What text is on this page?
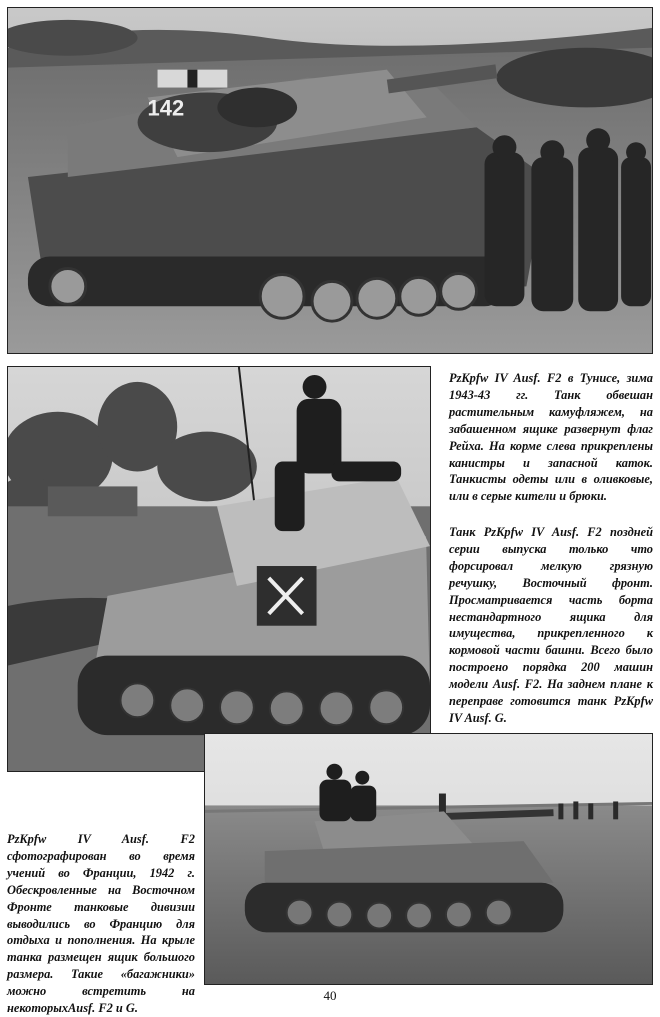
142

PzKpfw IV Ausf. F2 в Тунисе, зима 1943-43 гг. Танк обвешан растительным камуфляжем, на забашенном ящике развернут флаг Рейха. На корме слева прикреплены канистры и запасной каток. Танкисты одеты или в оливковые, или в серые кители и брюки.

Танк PzKpfw IV Ausf. F2 поздней серии выпуска только что форсировал мелкую грязную речушку, Восточный фронт. Просматривается часть борта нестандартного ящика для имущества, прикрепленного к кормовой части башни. Всего было построено порядка 200 машин модели Ausf. F2. На заднем плане к переправе готовится танк PzKpfw IV Ausf. G.

PzKpfw IV Ausf. F2 сфотографирован во время учений во Франции, 1942 г. Обескровленные на Восточном Фронте танковые дивизии выводились во Францию для отдыха и пополнения. На крыле танка размещен ящик большого размера. Такие «багажники» можно встретить на некоторыхAusf. F2 и G.

40
